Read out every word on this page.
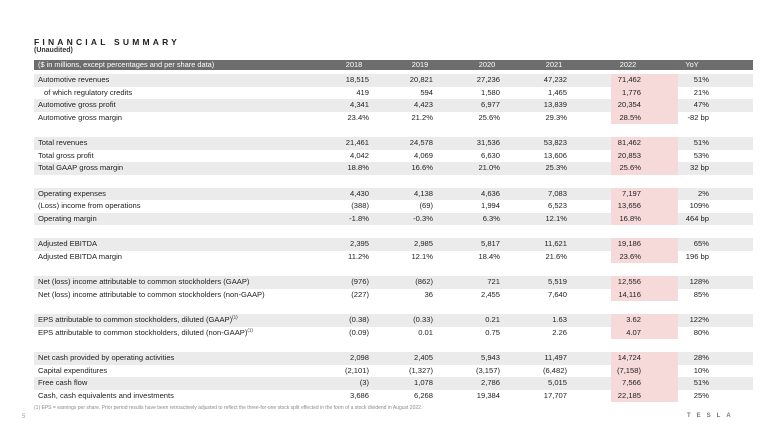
FINANCIAL SUMMARY
(Unaudited)
($ in millions, except percentages and per share data)	2018	2019	2020	2021	2022	YoY
Automotive revenues	18,515	20,821	27,236	47,232	71,462	51%
of which regulatory credits	419	594	1,580	1,465	1,776	21%
Automotive gross profit	4,341	4,423	6,977	13,839	20,354	47%
Automotive gross margin	23.4%	21.2%	25.6%	29.3%	28.5%	-82 bp
Total revenues	21,461	24,578	31,536	53,823	81,462	51%
Total gross profit	4,042	4,069	6,630	13,606	20,853	53%
Total GAAP gross margin	18.8%	16.6%	21.0%	25.3%	25.6%	32 bp
Operating expenses	4,430	4,138	4,636	7,083	7,197	2%
(Loss) income from operations	(388)	(69)	1,994	6,523	13,656	109%
Operating margin	-1.8%	-0.3%	6.3%	12.1%	16.8%	464 bp
Adjusted EBITDA	2,395	2,985	5,817	11,621	19,186	65%
Adjusted EBITDA margin	11.2%	12.1%	18.4%	21.6%	23.6%	196 bp
Net (loss) income attributable to common stockholders (GAAP)	(976)	(862)	721	5,519	12,556	128%
Net (loss) income attributable to common stockholders (non-GAAP)	(227)	36	2,455	7,640	14,116	85%
EPS attributable to common stockholders, diluted (GAAP)$^{(1)}$	(0.38)	(0.33)	0.21	1.63	3.62	122%
EPS attributable to common stockholders, diluted (non-GAAP)$^{(1)}$	(0.09)	0.01	0.75	2.26	4.07	80%
Net cash provided by operating activities	2,098	2,405	5,943	11,497	14,724	28%
Capital expenditures	(2,101)	(1,327)	(3,157)	(6,482)	(7,158)	10%
Free cash flow	(3)	1,078	2,786	5,015	7,566	51%
Cash, cash equivalents and investments	3,686	6,268	19,384	17,707	22,185	25%
(1) EPS = earnings per share. Prior period results have been retroactively adjusted to reflect the three-for-one stock split effected in the form of a stock dividend in August 2022.
5	TESLA
